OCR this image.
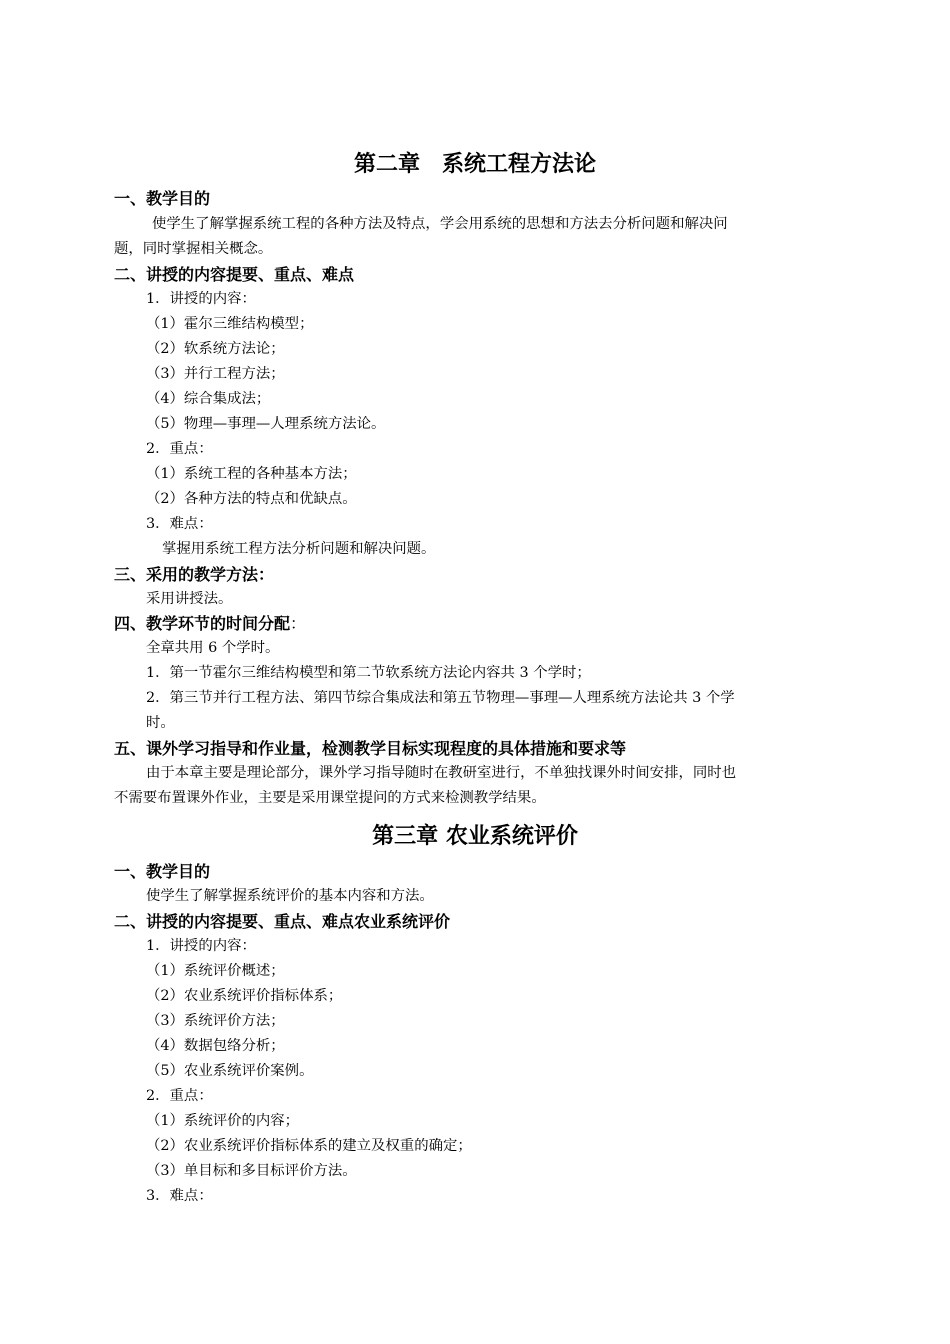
第二章　系统工程方法论
一、教学目的
使学生了解掌握系统工程的各种方法及特点，学会用系统的思想和方法去分析问题和解决问
题，同时掌握相关概念。
二、讲授的内容提要、重点、难点
1．讲授的内容：
（1）霍尔三维结构模型；
（2）软系统方法论；
（3）并行工程方法；
（4）综合集成法；
（5）物理—事理—人理系统方法论。
2．重点：
（1）系统工程的各种基本方法；
（2）各种方法的特点和优缺点。
3．难点：
掌握用系统工程方法分析问题和解决问题。
三、采用的教学方法：
采用讲授法。
四、教学环节的时间分配：
全章共用 6 个学时。
1．第一节霍尔三维结构模型和第二节软系统方法论内容共 3 个学时；
2．第三节并行工程方法、第四节综合集成法和第五节物理—事理—人理系统方法论共 3 个学
时。
五、课外学习指导和作业量，检测教学目标实现程度的具体措施和要求等
由于本章主要是理论部分，课外学习指导随时在教研室进行，不单独找课外时间安排，同时也
不需要布置课外作业，主要是采用课堂提问的方式来检测教学结果。
第三章 农业系统评价
一、教学目的
使学生了解掌握系统评价的基本内容和方法。
二、讲授的内容提要、重点、难点农业系统评价
1．讲授的内容：
（1）系统评价概述；
（2）农业系统评价指标体系；
（3）系统评价方法；
（4）数据包络分析；
（5）农业系统评价案例。
2．重点：
（1）系统评价的内容；
（2）农业系统评价指标体系的建立及权重的确定；
（3）单目标和多目标评价方法。
3．难点：
